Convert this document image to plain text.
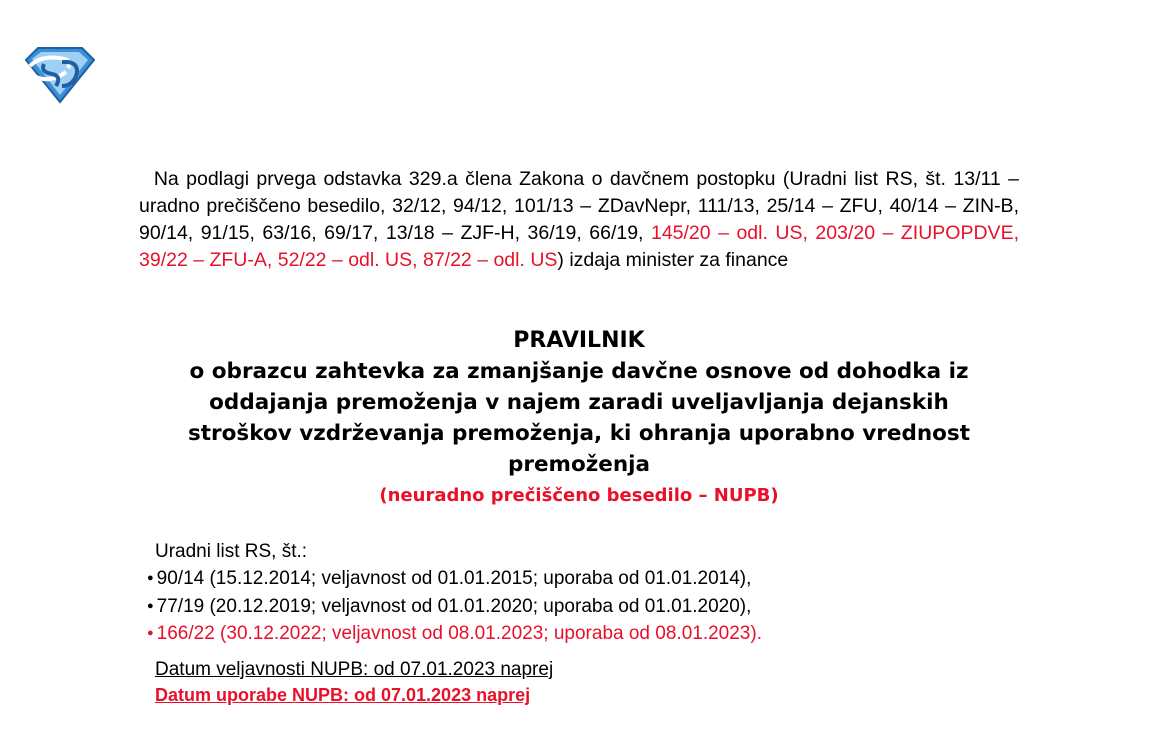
Na podlagi prvega odstavka 329.a člena Zakona o davčnem postopku (Uradni list RS, št. 13/11 – uradno prečiščeno besedilo, 32/12, 94/12, 101/13 – ZDavNepr, 111/13, 25/14 – ZFU, 40/14 – ZIN-B, 90/14, 91/15, 63/16, 69/17, 13/18 – ZJF-H, 36/19, 66/19, 145/20 – odl. US, 203/20 – ZIUPOPDVE, 39/22 – ZFU-A, 52/22 – odl. US, 87/22 – odl. US) izdaja minister za finance
PRAVILNIK
o obrazcu zahtevka za zmanjšanje davčne osnove od dohodka iz
oddajanja premoženja v najem zaradi uveljavljanja dejanskih
stroškov vzdrževanja premoženja, ki ohranja uporabno vrednost
premoženja
(neuradno prečiščeno besedilo – NUPB)
Uradni list RS, št.:
● 90/14 (15.12.2014; veljavnost od 01.01.2015; uporaba od 01.01.2014),
● 77/19 (20.12.2019; veljavnost od 01.01.2020; uporaba od 01.01.2020),
● 166/22 (30.12.2022; veljavnost od 08.01.2023; uporaba od 08.01.2023).
Datum veljavnosti NUPB: od 07.01.2023 naprej
Datum uporabe NUPB: od 07.01.2023 naprej
